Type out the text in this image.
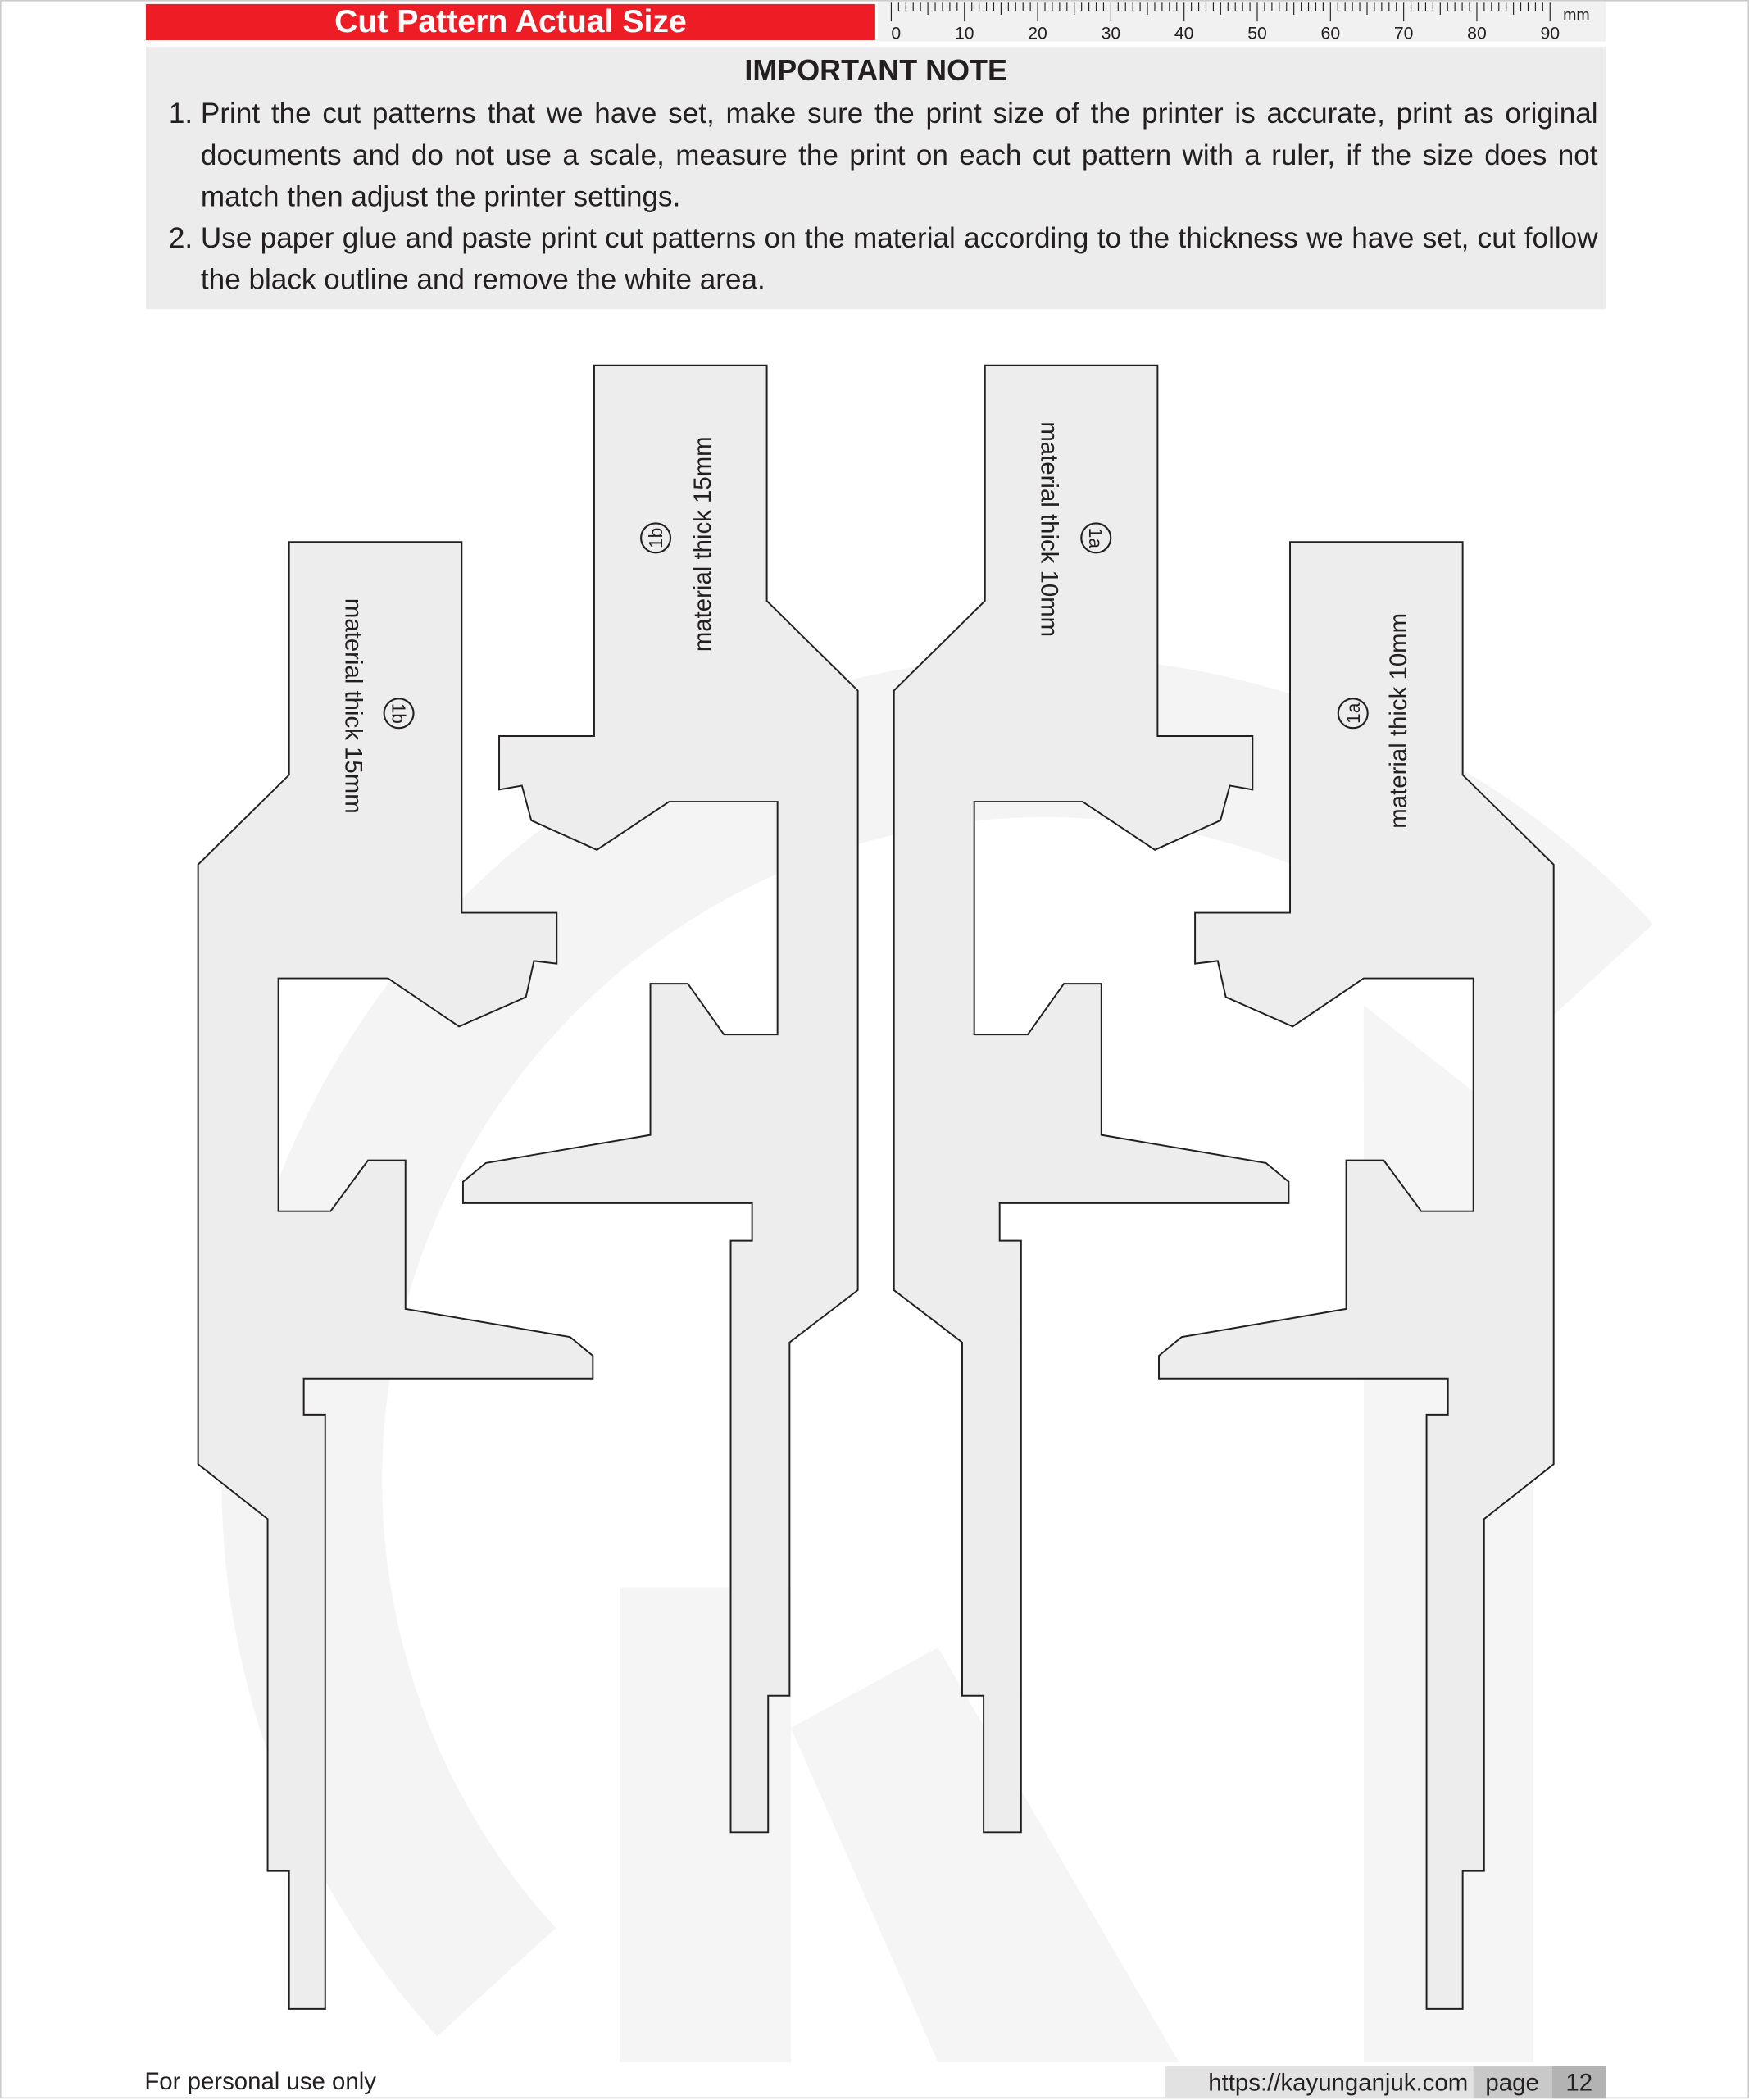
Cut Pattern Actual Size	mm
0	10	20	30	40	50	60	70	80	90
IMPORTANT NOTE
1. Print the cut patterns that we have set, make sure the print size of the printer is accurate, print as original documents and do not use a scale, measure the print on each cut pattern with a ruler, if the size does not match then adjust the printer settings.
2. Use paper glue and paste print cut patterns on the material according to the thickness we have set, cut follow the black outline and remove the white area.
material thick 15mm 1b
material thick 15mm
1b	material thick 10mm 1a
material thick 10mm
1a
For personal use only	https://kayunganjuk.com	page	12
